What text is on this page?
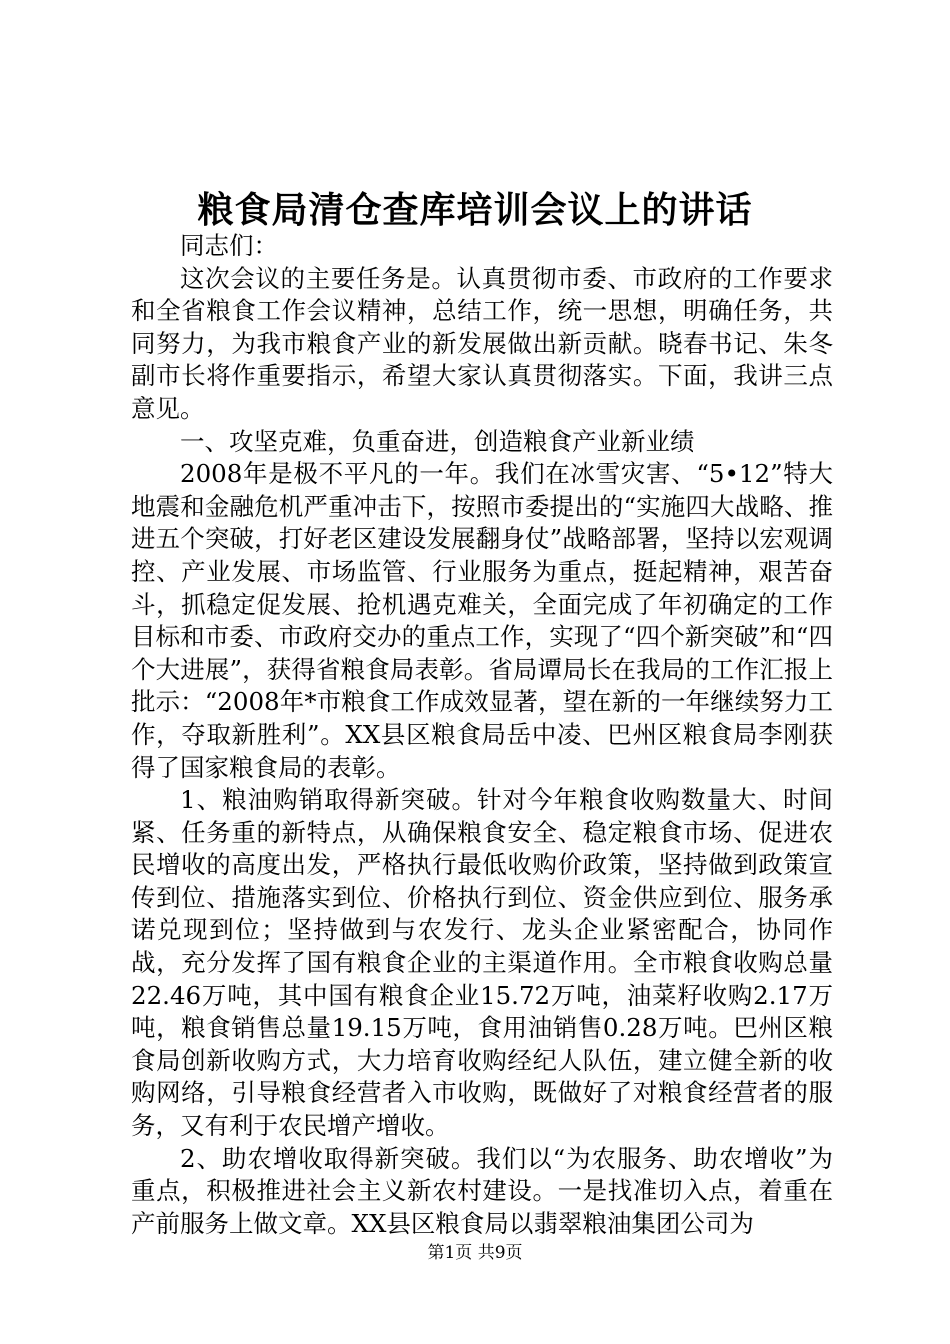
粮食局清仓查库培训会议上的讲话

同志们：

这次会议的主要任务是。认真贯彻市委、市政府的工作要求和全省粮食工作会议精神，总结工作，统一思想，明确任务，共同努力，为我市粮食产业的新发展做出新贡献。晓春书记、朱冬副市长将作重要指示，希望大家认真贯彻落实。下面，我讲三点意见。

一、攻坚克难，负重奋进，创造粮食产业新业绩

2008年是极不平凡的一年。我们在冰雪灾害、“5•12”特大地震和金融危机严重冲击下，按照市委提出的“实施四大战略、推进五个突破，打好老区建设发展翻身仗”战略部署，坚持以宏观调控、产业发展、市场监管、行业服务为重点，挺起精神，艰苦奋斗，抓稳定促发展、抢机遇克难关，全面完成了年初确定的工作目标和市委、市政府交办的重点工作，实现了“四个新突破”和“四个大进展”，获得省粮食局表彰。省局谭局长在我局的工作汇报上批示：“2008年*市粮食工作成效显著，望在新的一年继续努力工作，夺取新胜利”。XX县区粮食局岳中凌、巴州区粮食局李刚获得了国家粮食局的表彰。

1、粮油购销取得新突破。针对今年粮食收购数量大、时间紧、任务重的新特点，从确保粮食安全、稳定粮食市场、促进农民增收的高度出发，严格执行最低收购价政策，坚持做到政策宣传到位、措施落实到位、价格执行到位、资金供应到位、服务承诺兑现到位；坚持做到与农发行、龙头企业紧密配合，协同作战，充分发挥了国有粮食企业的主渠道作用。全市粮食收购总量22.46万吨，其中国有粮食企业15.72万吨，油菜籽收购2.17万吨，粮食销售总量19.15万吨，食用油销售0.28万吨。巴州区粮食局创新收购方式，大力培育收购经纪人队伍，建立健全新的收购网络，引导粮食经营者入市收购，既做好了对粮食经营者的服务，又有利于农民增产增收。

2、助农增收取得新突破。我们以“为农服务、助农增收”为重点，积极推进社会主义新农村建设。一是找准切入点，着重在产前服务上做文章。XX县区粮食局以翡翠粮油集团公司为

第1页 共9页
